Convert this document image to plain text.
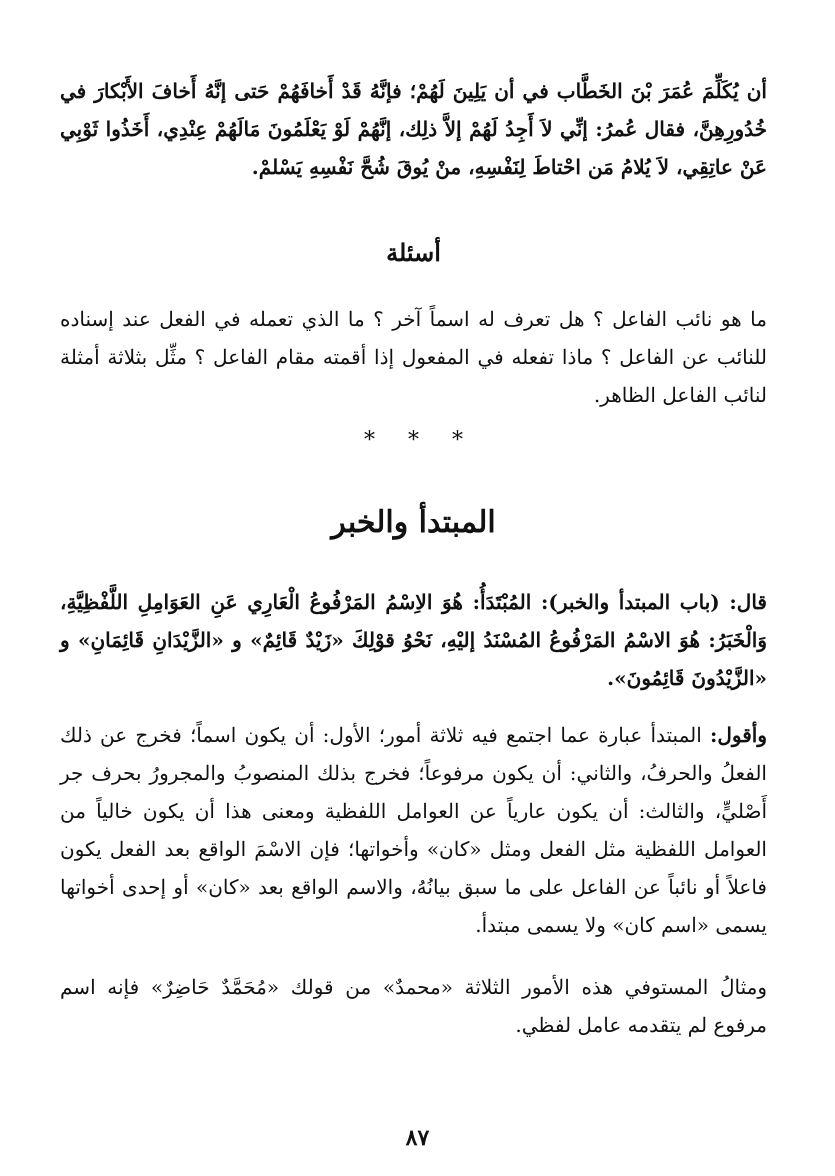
أن يُكَلِّمَ عُمَرَ بْنَ الخَطَّاب في أن يَلِينَ لَهُمْ؛ فإنَّهُ قَدْ أَخافَهُمْ حَتى إنَّهُ أَخافَ الأَبْكارَ في خُدُورِهِنَّ، فقال عُمرُ: إنِّي لاَ أَجِدُ لَهُمْ إلاَّ ذلِك، إنَّهُمْ لَوْ يَعْلَمُونَ مَالَهُمْ عِنْدِي، أَخَذُوا ثَوْبِي عَنْ عاتِقِي، لاَ يُلامُ مَن احْتاطَ لِنَفْسِهِ، منْ يُوقَ شُحَّ نَفْسِهِ يَسْلمْ.

أسئلة

ما هو نائب الفاعل ؟ هل تعرف له اسماً آخر ؟ ما الذي تعمله في الفعل عند إسناده للنائب عن الفاعل ؟ ماذا تفعله في المفعول إذا أقمته مقام الفاعل ؟ مثِّل بثلاثة أمثلة لنائب الفاعل الظاهر.

* * *
المبتدأ والخبر

قال: (باب المبتدأ والخبر): المُبْتَدَأُ: هُوَ الاِسْمُ المَرْفُوعُ الْعَارِي عَنِ العَوَامِلِ اللَّفْظِيَّةِ، وَالْخَبَرُ: هُوَ الاسْمُ المَرْفُوعُ المُسْنَدُ إليْهِ، نَحْوُ قوْلِكَ «زَيْدٌ قَائِمٌ» و «الزَّيْدَانِ قَائِمَانِ» و «الزَّيْدُونَ قَائِمُونَ».

وأقول: المبتدأ عبارة عما اجتمع فيه ثلاثة أمور؛ الأول: أن يكون اسماً؛ فخرج عن ذلك الفعلُ والحرفُ، والثاني: أن يكون مرفوعاً؛ فخرج بذلك المنصوبُ والمجرورُ بحرف جر أَصْليٍّ، والثالث: أن يكون عارياً عن العوامل اللفظية ومعنى هذا أن يكون خالياً من العوامل اللفظية مثل الفعل ومثل «كان» وأخواتها؛ فإن الاسْمَ الواقع بعد الفعل يكون فاعلاً أو نائباً عن الفاعل على ما سبق بيانُهُ، والاسم الواقع بعد «كان» أو إحدى أخواتها يسمى «اسم كان» ولا يسمى مبتدأ.

ومثالُ المستوفي هذه الأمور الثلاثة «محمدٌ» من قولك «مُحَمَّدٌ حَاضِرٌ» فإنه اسم مرفوع لم يتقدمه عامل لفظي.

٨٧
